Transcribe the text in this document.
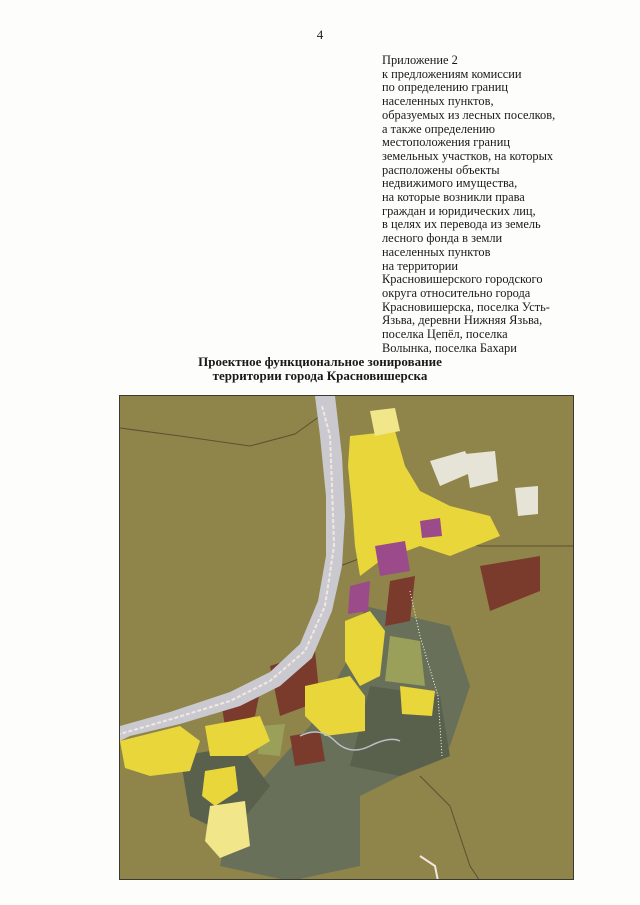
4
Приложение 2
к предложениям комиссии
по определению границ
населенных пунктов,
образуемых из лесных поселков,
а также определению
местоположения границ
земельных участков, на которых
расположены объекты
недвижимого имущества,
на которые возникли права
граждан и юридических лиц,
в целях их перевода из земель
лесного фонда в земли
населенных пунктов
на территории
Красновишерского городского
округа относительно города
Красновишерска, поселка Усть-
Язьва, деревни Нижняя Язьва,
поселка Цепёл, поселка
Волынка, поселка Бахари
Проектное функциональное зонирование
территории города Красновишерска
